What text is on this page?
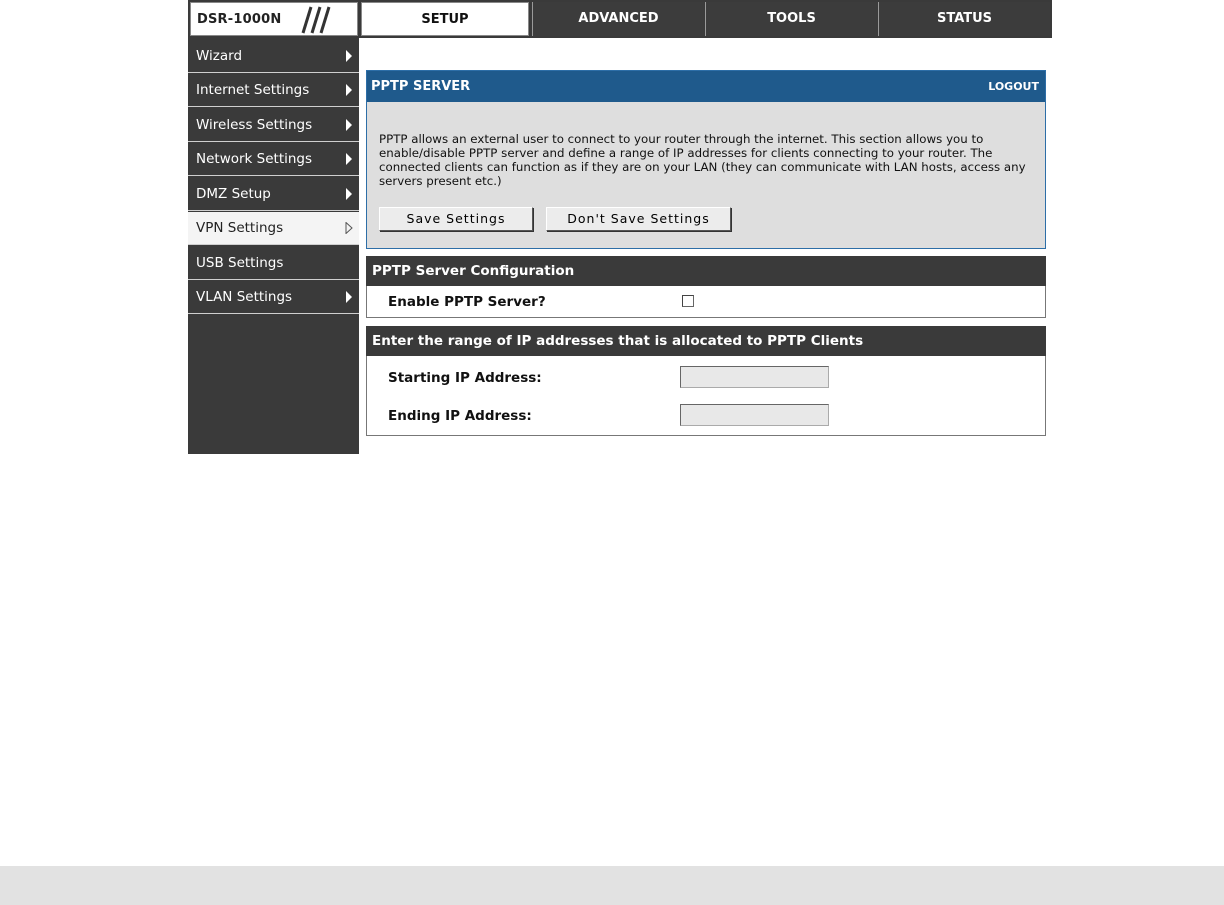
DSR-1000N	SETUP	ADVANCED	TOOLS	STATUS
Wizard
Internet Settings
Wireless Settings
Network Settings
DMZ Setup
VPN Settings
USB Settings
VLAN Settings
PPTP SERVER	LOGOUT
PPTP allows an external user to connect to your router through the internet. This section allows you to enable/disable PPTP server and define a range of IP addresses for clients connecting to your router. The connected clients can function as if they are on your LAN (they can communicate with LAN hosts, access any servers present etc.)
Save Settings	Don't Save Settings
PPTP Server Configuration
Enable PPTP Server?
Enter the range of IP addresses that is allocated to PPTP Clients
Starting IP Address:
Ending IP Address:
